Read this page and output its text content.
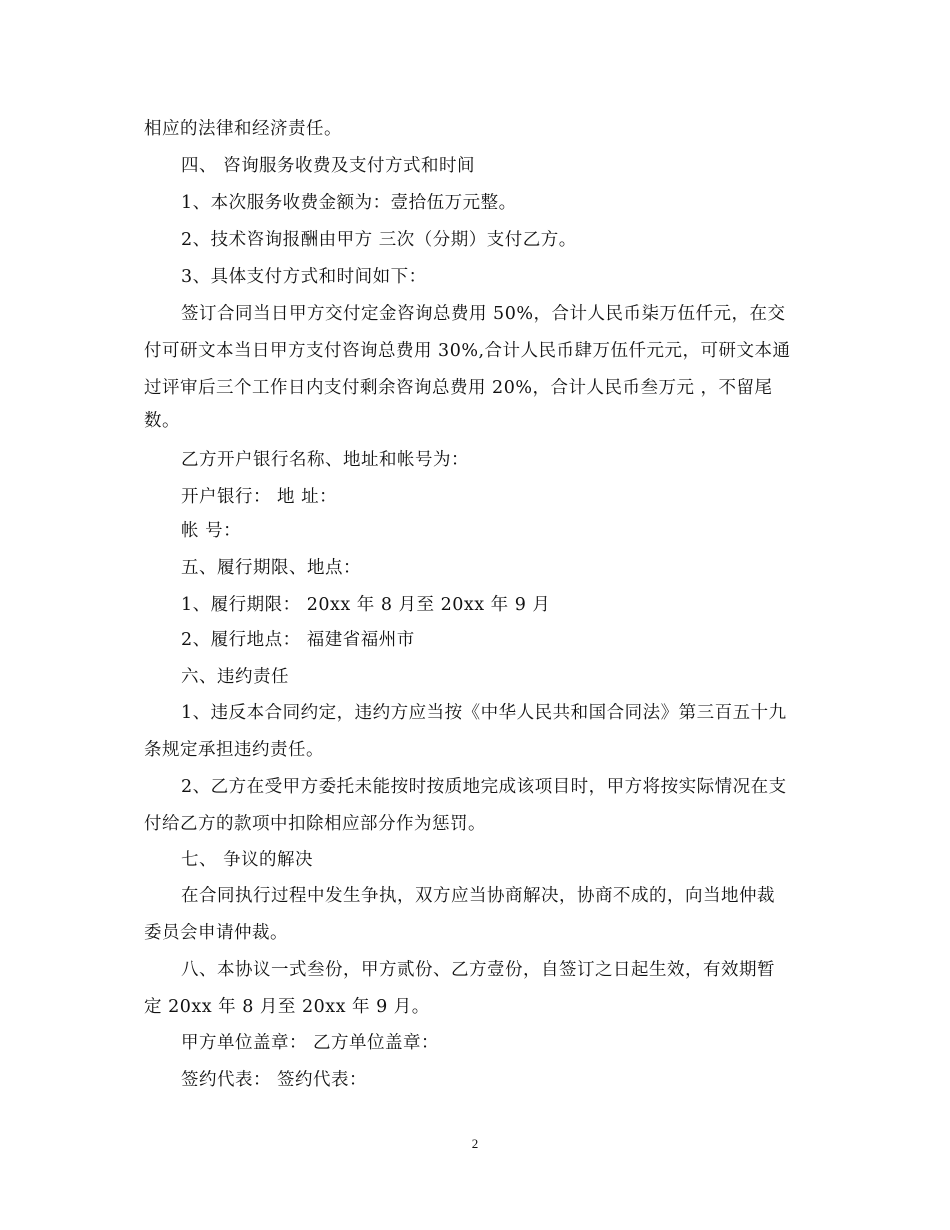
相应的法律和经济责任。
四、 咨询服务收费及支付方式和时间
1、本次服务收费金额为：壹拾伍万元整。
2、技术咨询报酬由甲方 三次（分期）支付乙方。
3、具体支付方式和时间如下：
签订合同当日甲方交付定金咨询总费用 50%，合计人民币柒万伍仟元，在交
付可研文本当日甲方支付咨询总费用 30%,合计人民币肆万伍仟元元，可研文本通
过评审后三个工作日内支付剩余咨询总费用 20%，合计人民币叁万元 ，不留尾
数。
乙方开户银行名称、地址和帐号为：
开户银行： 地 址：
帐 号：
五、履行期限、地点：
1、履行期限： 20xx 年 8 月至 20xx 年 9 月
2、履行地点： 福建省福州市
六、违约责任
1、违反本合同约定，违约方应当按《中华人民共和国合同法》第三百五十九
条规定承担违约责任。
2、乙方在受甲方委托未能按时按质地完成该项目时，甲方将按实际情况在支
付给乙方的款项中扣除相应部分作为惩罚。
七、 争议的解决
在合同执行过程中发生争执，双方应当协商解决，协商不成的，向当地仲裁
委员会申请仲裁。
八、本协议一式叁份，甲方贰份、乙方壹份，自签订之日起生效，有效期暂
定 20xx 年 8 月至 20xx 年 9 月。
甲方单位盖章： 乙方单位盖章：
签约代表： 签约代表：
2
